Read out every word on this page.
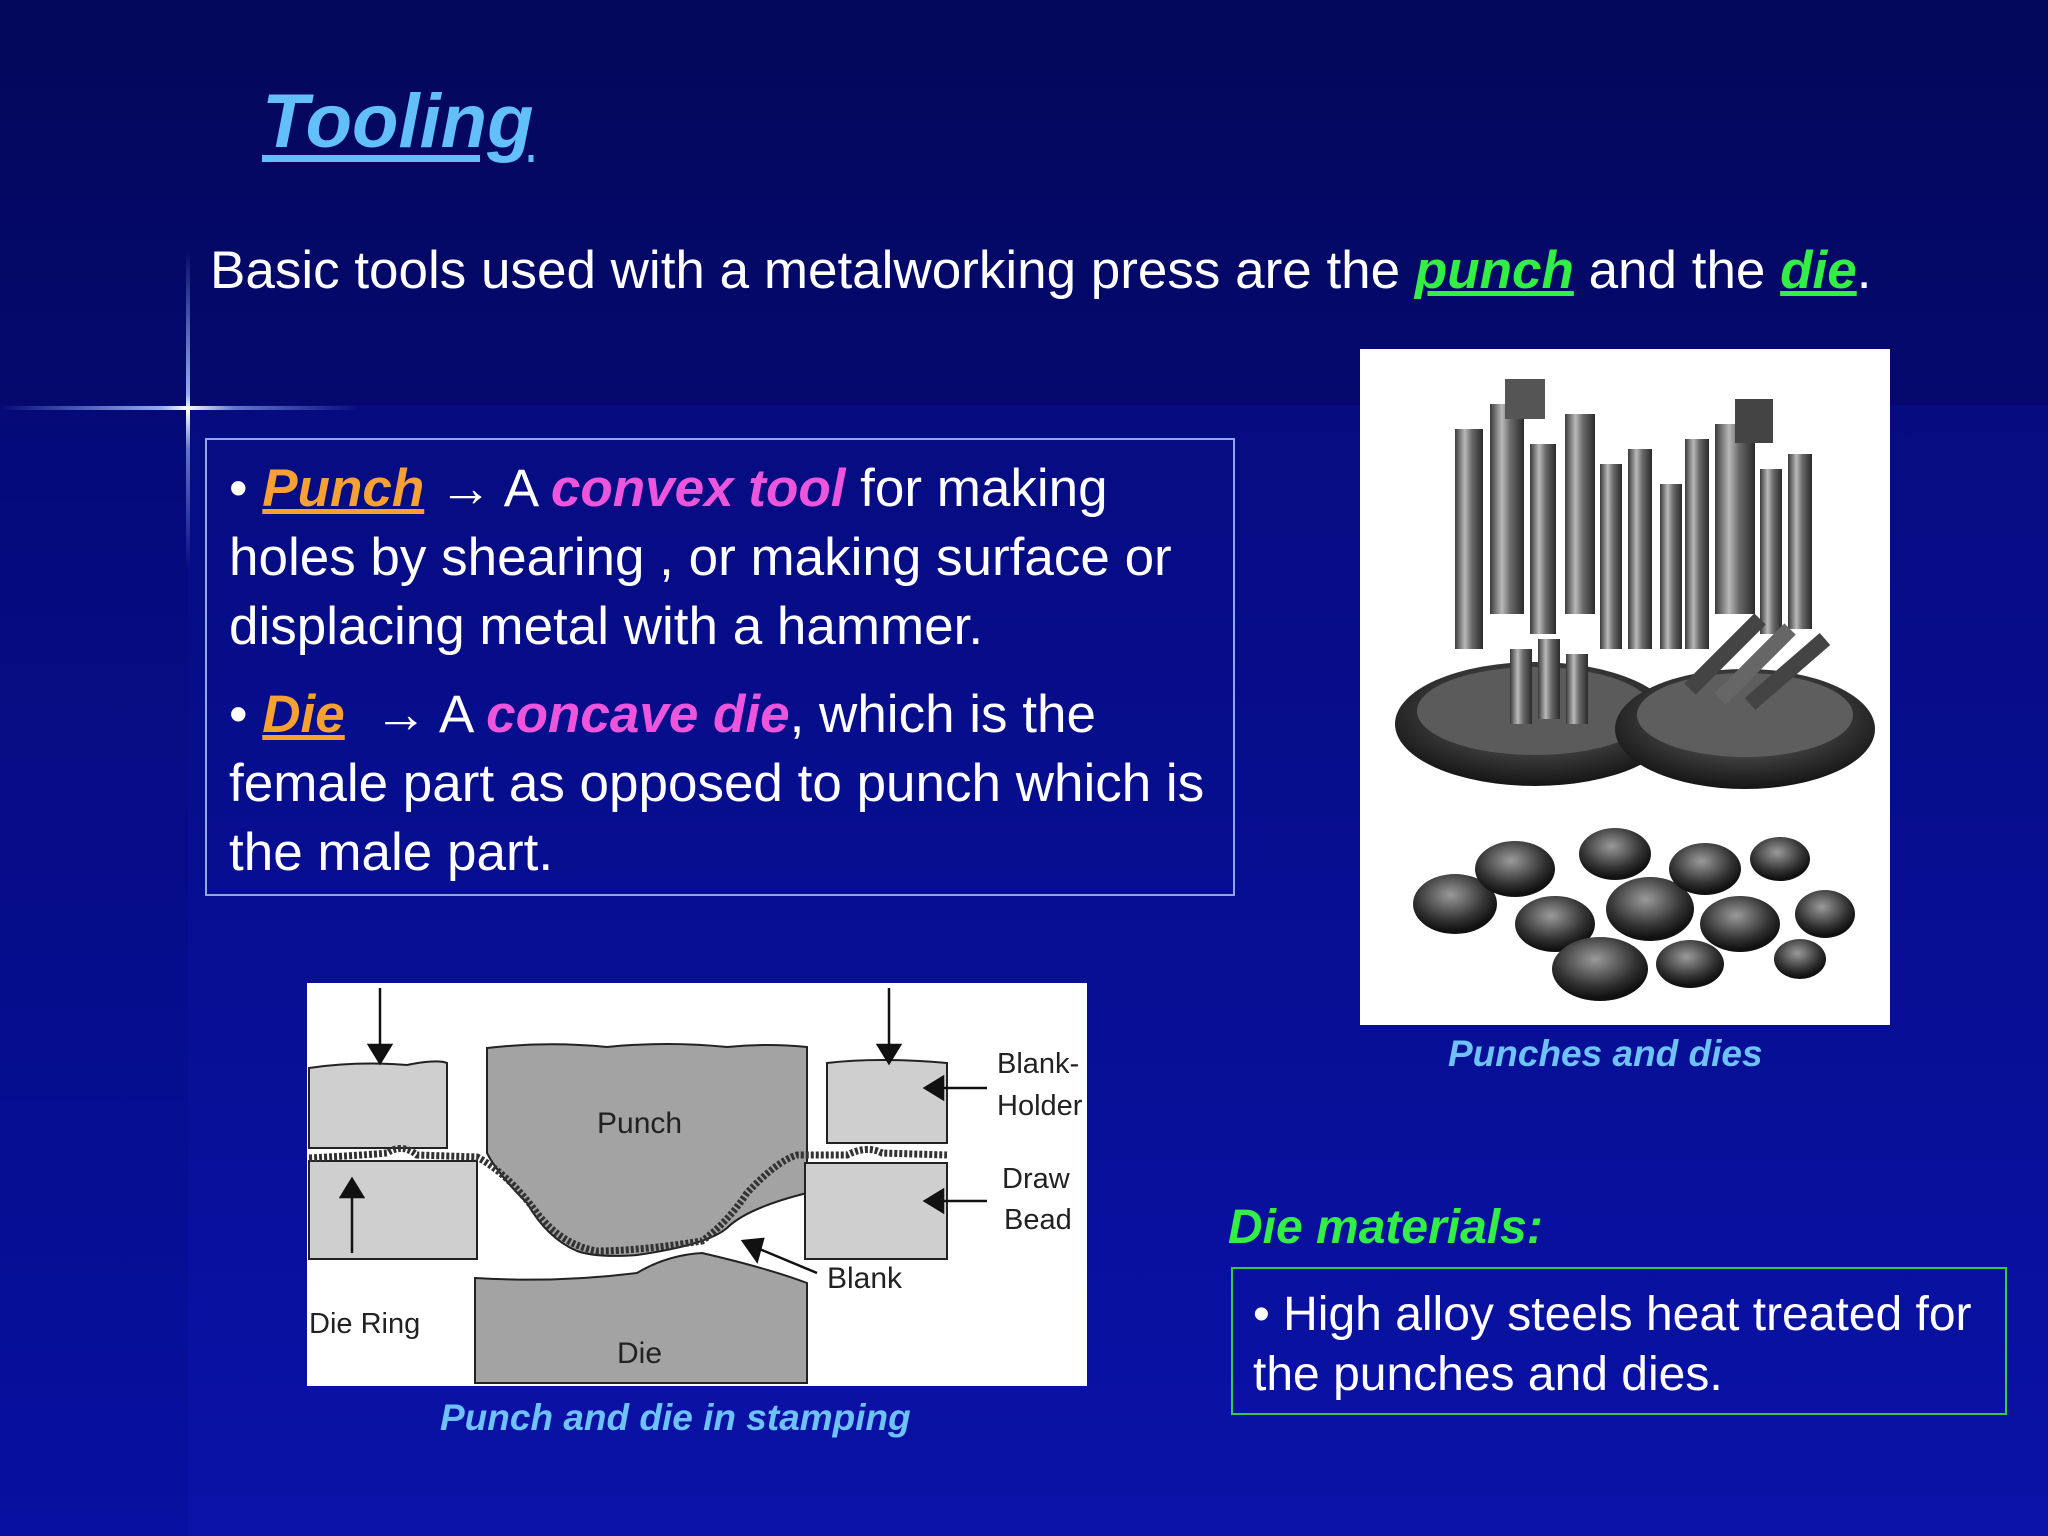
Tooling

Basic tools used with a metalworking press are the punch and the die.

• Punch → A convex tool for making holes by shearing , or making surface or displacing metal with a hammer.

• Die  → A concave die, which is the female part as opposed to punch which is the male part.

Punches and dies

Punch
Die
Blank
Blank-
Holder
Draw
Bead
Die Ring

Punch and die in stamping

Die materials:

• High alloy steels heat treated for the punches and dies.
